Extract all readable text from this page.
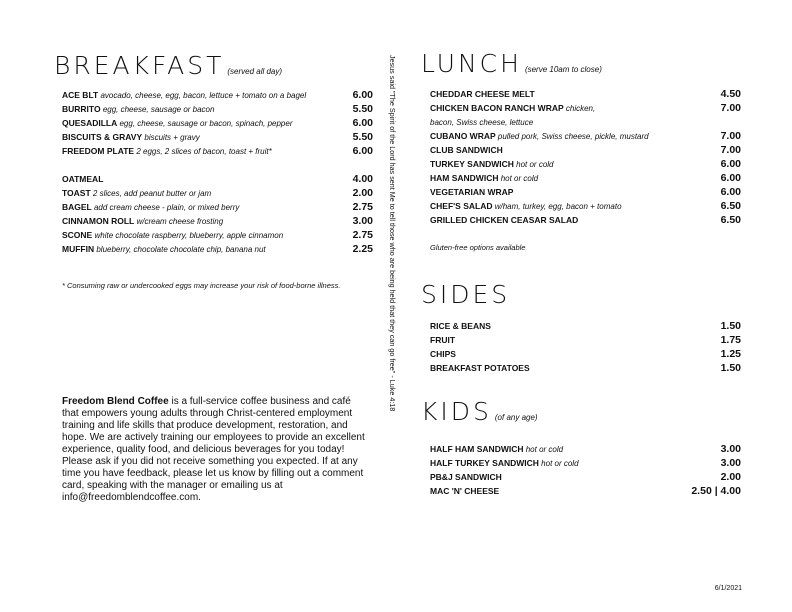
BREAKFAST (served all day)
ACE BLT avocado, cheese, egg, bacon, lettuce + tomato on a bagel	6.00
BURRITO egg, cheese, sausage or bacon	5.50
QUESADILLA egg, cheese, sausage or bacon, spinach, pepper	6.00
BISCUITS & GRAVY biscuits + gravy	5.50
FREEDOM PLATE 2 eggs, 2 slices of bacon, toast + fruit*	6.00
OATMEAL	4.00
TOAST 2 slices, add peanut butter or jam	2.00
BAGEL add cream cheese - plain, or mixed berry	2.75
CINNAMON ROLL w/cream cheese frosting	3.00
SCONE white chocolate raspberry, blueberry, apple cinnamon	2.75
MUFFIN blueberry, chocolate chocolate chip, banana nut	2.25
* Consuming raw or undercooked eggs may increase your risk of food-borne illness.
Freedom Blend Coffee is a full-service coffee business and café that empowers young adults through Christ-centered employment training and life skills that produce development, restoration, and hope. We are actively training our employees to provide an excellent experience, quality food, and delicious beverages for you today! Please ask if you did not receive something you expected. If at any time you have feedback, please let us know by filling out a comment card, speaking with the manager or emailing us at info@freedomblendcoffee.com.
Jesus said "The Spirit of the Lord has sent Me to tell those who are being held that they can go free" - Luke 4:18 LUNCH (serve 10am to close)
CHEDDAR CHEESE MELT	4.50
CHICKEN BACON RANCH WRAP chicken,	7.00
bacon, Swiss cheese, lettuce
CUBANO WRAP pulled pork, Swiss cheese, pickle, mustard	7.00
CLUB SANDWICH	7.00
TURKEY SANDWICH hot or cold	6.00
HAM SANDWICH hot or cold	6.00
VEGETARIAN WRAP	6.00
CHEF'S SALAD w/ham, turkey, egg, bacon + tomato	6.50
GRILLED CHICKEN CEASAR SALAD	6.50
Gluten-free options available
SIDES
RICE & BEANS	1.50
FRUIT	1.75
CHIPS	1.25
BREAKFAST POTATOES	1.50
KIDS (of any age)
HALF HAM SANDWICH hot or cold	3.00
HALF TURKEY SANDWICH hot or cold	3.00
PB&J SANDWICH	2.00
MAC 'N' CHEESE	2.50 | 4.00
6/1/2021
